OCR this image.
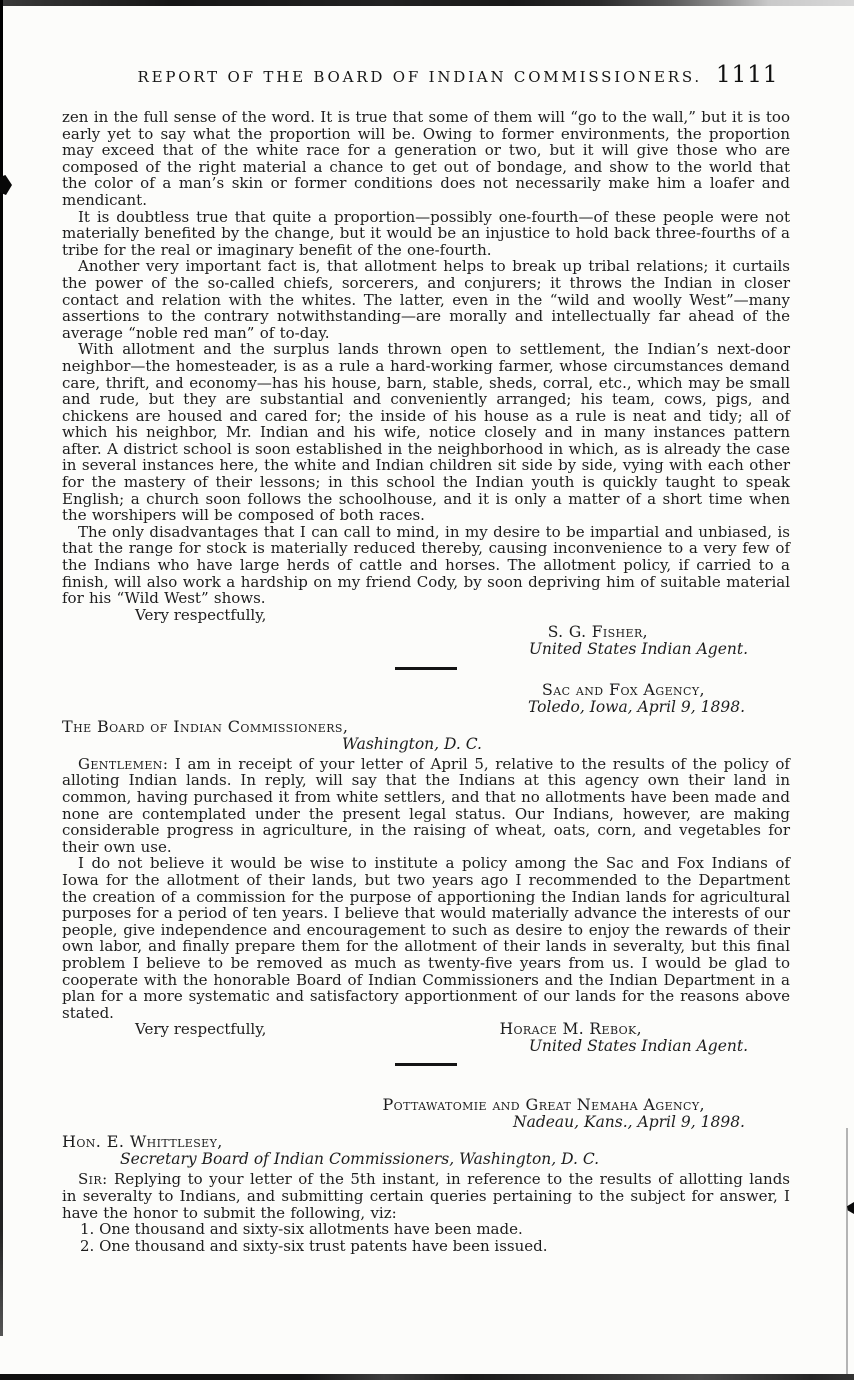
REPORT OF THE BOARD OF INDIAN COMMISSIONERS. 1111

zen in the full sense of the word. It is true that some of them will “go to the wall,” but it is too early yet to say what the proportion will be. Owing to former environments, the proportion may exceed that of the white race for a generation or two, but it will give those who are composed of the right material a chance to get out of bondage, and show to the world that the color of a man’s skin or former conditions does not necessarily make him a loafer and mendicant.

It is doubtless true that quite a proportion—possibly one-fourth—of these people were not materially benefited by the change, but it would be an injustice to hold back three-fourths of a tribe for the real or imaginary benefit of the one-fourth.

Another very important fact is, that allotment helps to break up tribal relations; it curtails the power of the so-called chiefs, sorcerers, and conjurers; it throws the Indian in closer contact and relation with the whites. The latter, even in the “wild and woolly West”—many assertions to the contrary notwithstanding—are morally and intellectually far ahead of the average “noble red man” of to-day.

With allotment and the surplus lands thrown open to settlement, the Indian’s next-door neighbor—the homesteader, is as a rule a hard-working farmer, whose circumstances demand care, thrift, and economy—has his house, barn, stable, sheds, corral, etc., which may be small and rude, but they are substantial and conveniently arranged; his team, cows, pigs, and chickens are housed and cared for; the inside of his house as a rule is neat and tidy; all of which his neighbor, Mr. Indian and his wife, notice closely and in many instances pattern after. A district school is soon established in the neighborhood in which, as is already the case in several instances here, the white and Indian children sit side by side, vying with each other for the mastery of their lessons; in this school the Indian youth is quickly taught to speak English; a church soon follows the schoolhouse, and it is only a matter of a short time when the worshipers will be composed of both races.

The only disadvantages that I can call to mind, in my desire to be impartial and unbiased, is that the range for stock is materially reduced thereby, causing inconvenience to a very few of the Indians who have large herds of cattle and horses. The allotment policy, if carried to a finish, will also work a hardship on my friend Cody, by soon depriving him of suitable material for his “Wild West” shows.

Very respectfully,

S. G. Fisher,

United States Indian Agent.

Sac and Fox Agency,

Toledo, Iowa, April 9, 1898.

The Board of Indian Commissioners,

Washington, D. C.

Gentlemen: I am in receipt of your letter of April 5, relative to the results of the policy of alloting Indian lands. In reply, will say that the Indians at this agency own their land in common, having purchased it from white settlers, and that no allotments have been made and none are contemplated under the present legal status. Our Indians, however, are making considerable progress in agriculture, in the raising of wheat, oats, corn, and vegetables for their own use.

I do not believe it would be wise to institute a policy among the Sac and Fox Indians of Iowa for the allotment of their lands, but two years ago I recommended to the Department the creation of a commission for the purpose of apportioning the Indian lands for agricultural purposes for a period of ten years. I believe that would materially advance the interests of our people, give independence and encouragement to such as desire to enjoy the rewards of their own labor, and finally prepare them for the allotment of their lands in severalty, but this final problem I believe to be removed as much as twenty-five years from us. I would be glad to cooperate with the honorable Board of Indian Commissioners and the Indian Department in a plan for a more systematic and satisfactory apportionment of our lands for the reasons above stated.

Very respectfully,	Horace M. Rebok,

United States Indian Agent.

Pottawatomie and Great Nemaha Agency,

Nadeau, Kans., April 9, 1898.

Hon. E. Whittlesey,

Secretary Board of Indian Commissioners, Washington, D. C.

Sir: Replying to your letter of the 5th instant, in reference to the results of allotting lands in severalty to Indians, and submitting certain queries pertaining to the subject for answer, I have the honor to submit the following, viz:

1. One thousand and sixty-six allotments have been made.

2. One thousand and sixty-six trust patents have been issued.
